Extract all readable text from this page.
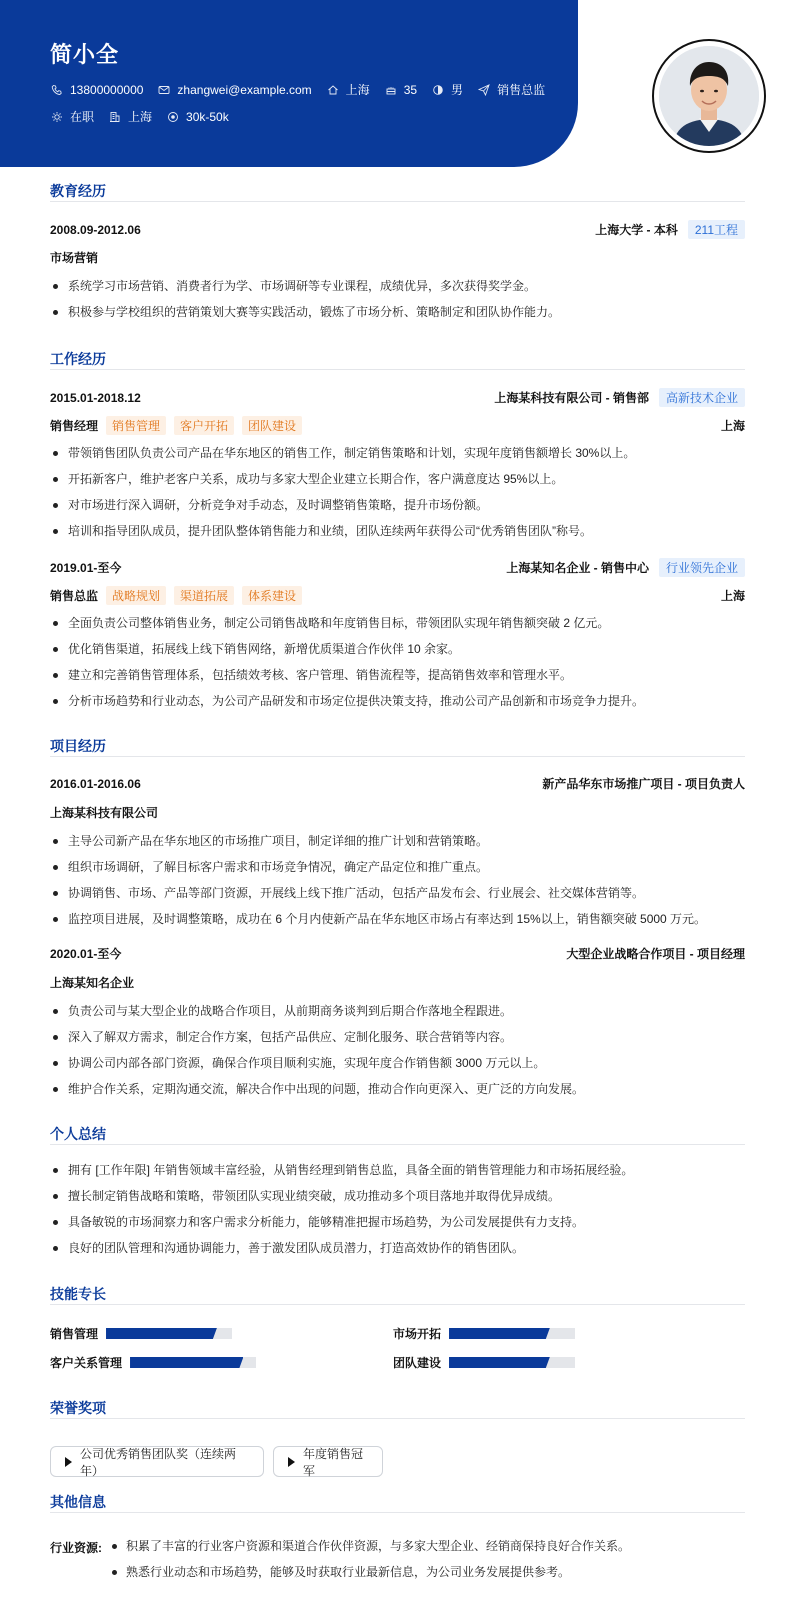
简小全
13800000000	zhangwei@example.com	上海	35	男	销售总监
在职	上海	30k-50k
教育经历
2008.09-2012.06	上海大学 - 本科	211工程
市场营销
系统学习市场营销、消费者行为学、市场调研等专业课程，成绩优异，多次获得奖学金。
积极参与学校组织的营销策划大赛等实践活动，锻炼了市场分析、策略制定和团队协作能力。
工作经历
2015.01-2018.12	上海某科技有限公司 - 销售部	高新技术企业
销售经理	销售管理	客户开拓	团队建设	上海
带领销售团队负责公司产品在华东地区的销售工作，制定销售策略和计划，实现年度销售额增长 30%以上。
开拓新客户，维护老客户关系，成功与多家大型企业建立长期合作，客户满意度达 95%以上。
对市场进行深入调研，分析竞争对手动态，及时调整销售策略，提升市场份额。
培训和指导团队成员，提升团队整体销售能力和业绩，团队连续两年获得公司“优秀销售团队”称号。
2019.01-至今	上海某知名企业 - 销售中心	行业领先企业
销售总监	战略规划	渠道拓展	体系建设	上海
全面负责公司整体销售业务，制定公司销售战略和年度销售目标，带领团队实现年销售额突破 2 亿元。
优化销售渠道，拓展线上线下销售网络，新增优质渠道合作伙伴 10 余家。
建立和完善销售管理体系，包括绩效考核、客户管理、销售流程等，提高销售效率和管理水平。
分析市场趋势和行业动态，为公司产品研发和市场定位提供决策支持，推动公司产品创新和市场竞争力提升。
项目经历
2016.01-2016.06	新产品华东市场推广项目 - 项目负责人
上海某科技有限公司
主导公司新产品在华东地区的市场推广项目，制定详细的推广计划和营销策略。
组织市场调研，了解目标客户需求和市场竞争情况，确定产品定位和推广重点。
协调销售、市场、产品等部门资源，开展线上线下推广活动，包括产品发布会、行业展会、社交媒体营销等。
监控项目进展，及时调整策略，成功在 6 个月内使新产品在华东地区市场占有率达到 15%以上，销售额突破 5000 万元。
2020.01-至今	大型企业战略合作项目 - 项目经理
上海某知名企业
负责公司与某大型企业的战略合作项目，从前期商务谈判到后期合作落地全程跟进。
深入了解双方需求，制定合作方案，包括产品供应、定制化服务、联合营销等内容。
协调公司内部各部门资源，确保合作项目顺利实施，实现年度合作销售额 3000 万元以上。
维护合作关系，定期沟通交流，解决合作中出现的问题，推动合作向更深入、更广泛的方向发展。
个人总结
拥有 [工作年限] 年销售领域丰富经验，从销售经理到销售总监，具备全面的销售管理能力和市场拓展经验。
擅长制定销售战略和策略，带领团队实现业绩突破，成功推动多个项目落地并取得优异成绩。
具备敏锐的市场洞察力和客户需求分析能力，能够精准把握市场趋势，为公司发展提供有力支持。
良好的团队管理和沟通协调能力，善于激发团队成员潜力，打造高效协作的销售团队。
技能专长
销售管理	市场开拓
客户关系管理	团队建设
荣誉奖项
公司优秀销售团队奖（连续两年）
年度销售冠军
其他信息
行业资源:	积累了丰富的行业客户资源和渠道合作伙伴资源，与多家大型企业、经销商保持良好合作关系。
熟悉行业动态和市场趋势，能够及时获取行业最新信息，为公司业务发展提供参考。
